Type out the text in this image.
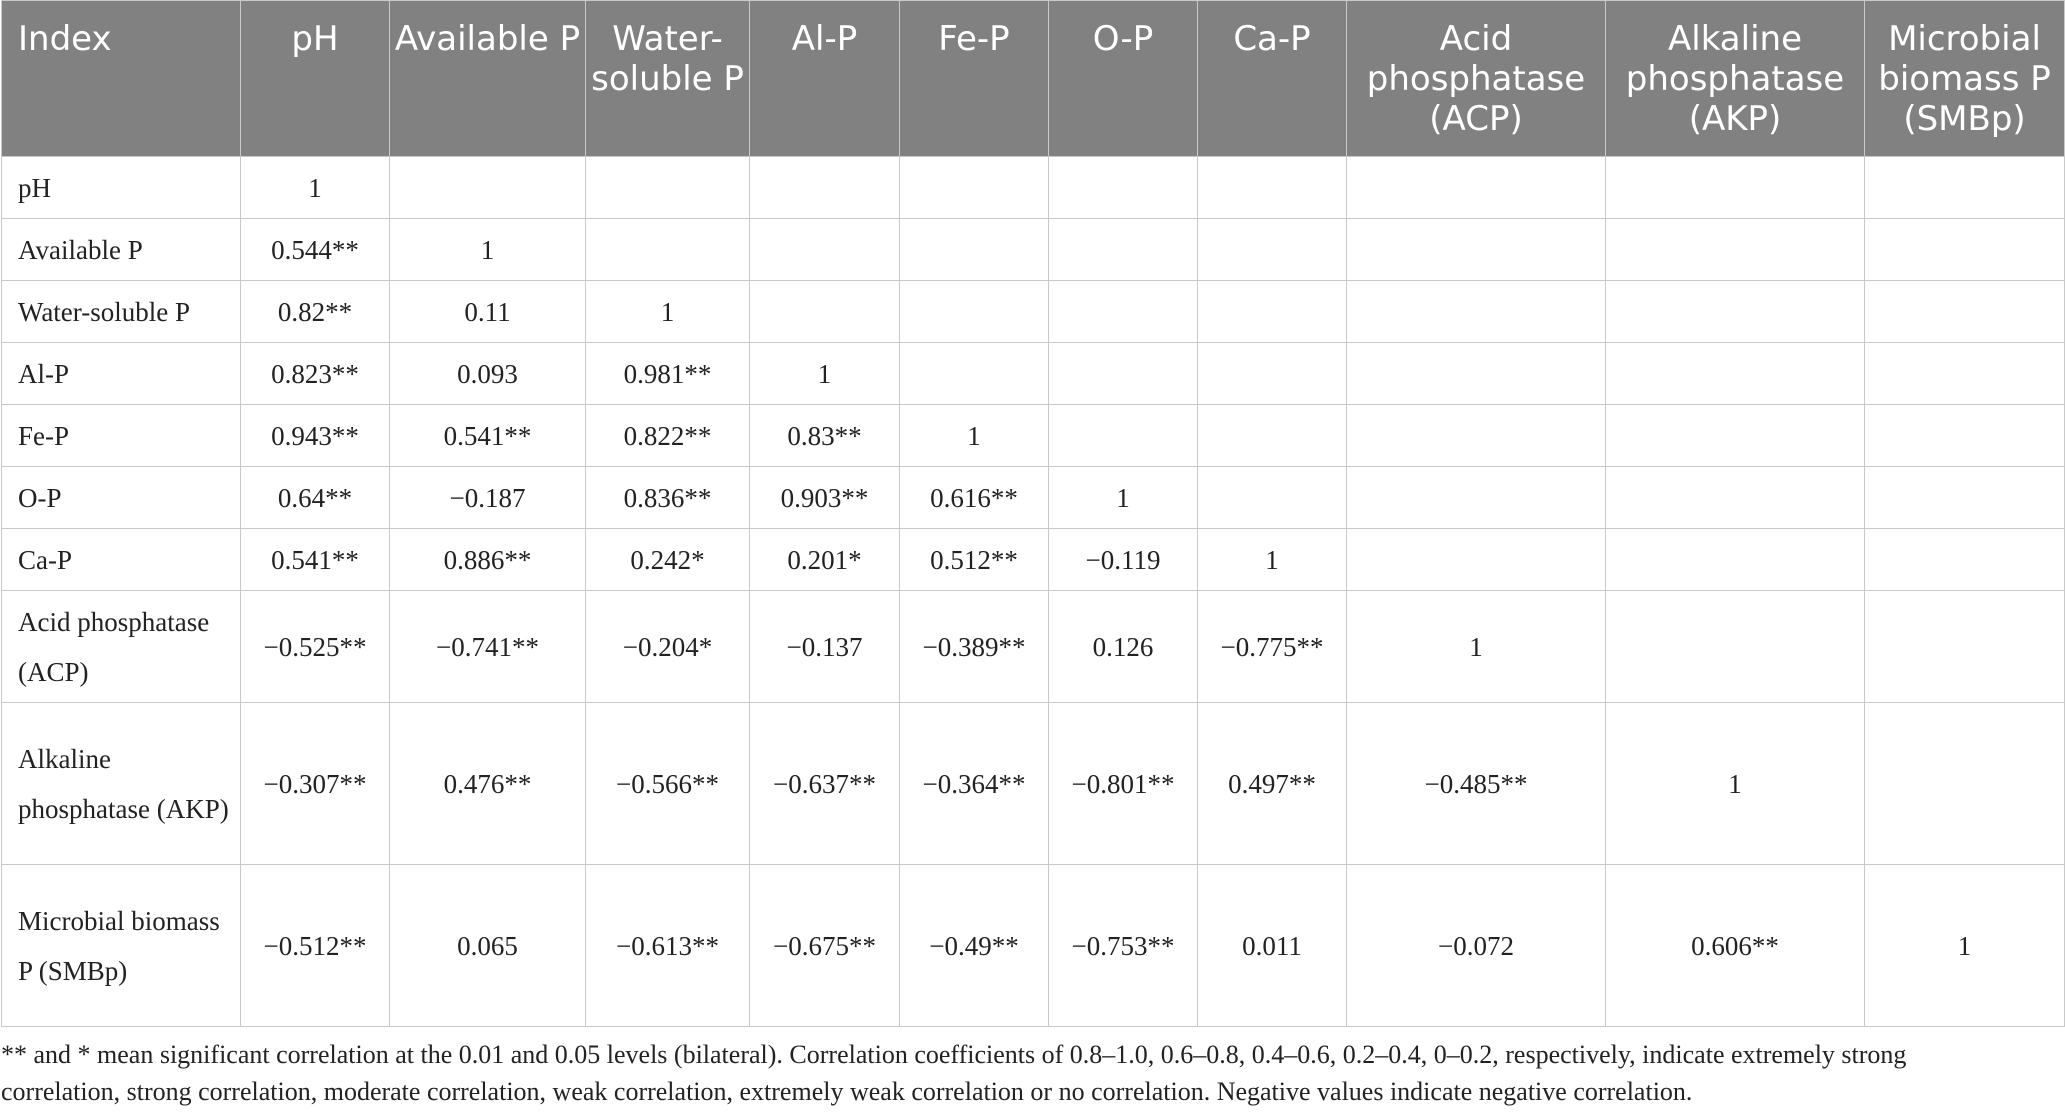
Index	pH	Available P	Water-soluble P	Al-P	Fe-P	O-P	Ca-P	Acid phosphatase (ACP)	Alkaline phosphatase (AKP)	Microbial biomass P (SMBp)
pH	1									
Available P	0.544**	1								
Water-soluble P	0.82**	0.11	1							
Al-P	0.823**	0.093	0.981**	1						
Fe-P	0.943**	0.541**	0.822**	0.83**	1					
O-P	0.64**	−0.187	0.836**	0.903**	0.616**	1				
Ca-P	0.541**	0.886**	0.242*	0.201*	0.512**	−0.119	1			
Acid phosphatase (ACP)	−0.525**	−0.741**	−0.204*	−0.137	−0.389**	0.126	−0.775**	1		
Alkaline phosphatase (AKP)	−0.307**	0.476**	−0.566**	−0.637**	−0.364**	−0.801**	0.497**	−0.485**	1	
Microbial biomass P (SMBp)	−0.512**	0.065	−0.613**	−0.675**	−0.49**	−0.753**	0.011	−0.072	0.606**	1
** and * mean significant correlation at the 0.01 and 0.05 levels (bilateral). Correlation coefficients of 0.8–1.0, 0.6–0.8, 0.4–0.6, 0.2–0.4, 0–0.2, respectively, indicate extremely strong correlation, strong correlation, moderate correlation, weak correlation, extremely weak correlation or no correlation. Negative values indicate negative correlation.
